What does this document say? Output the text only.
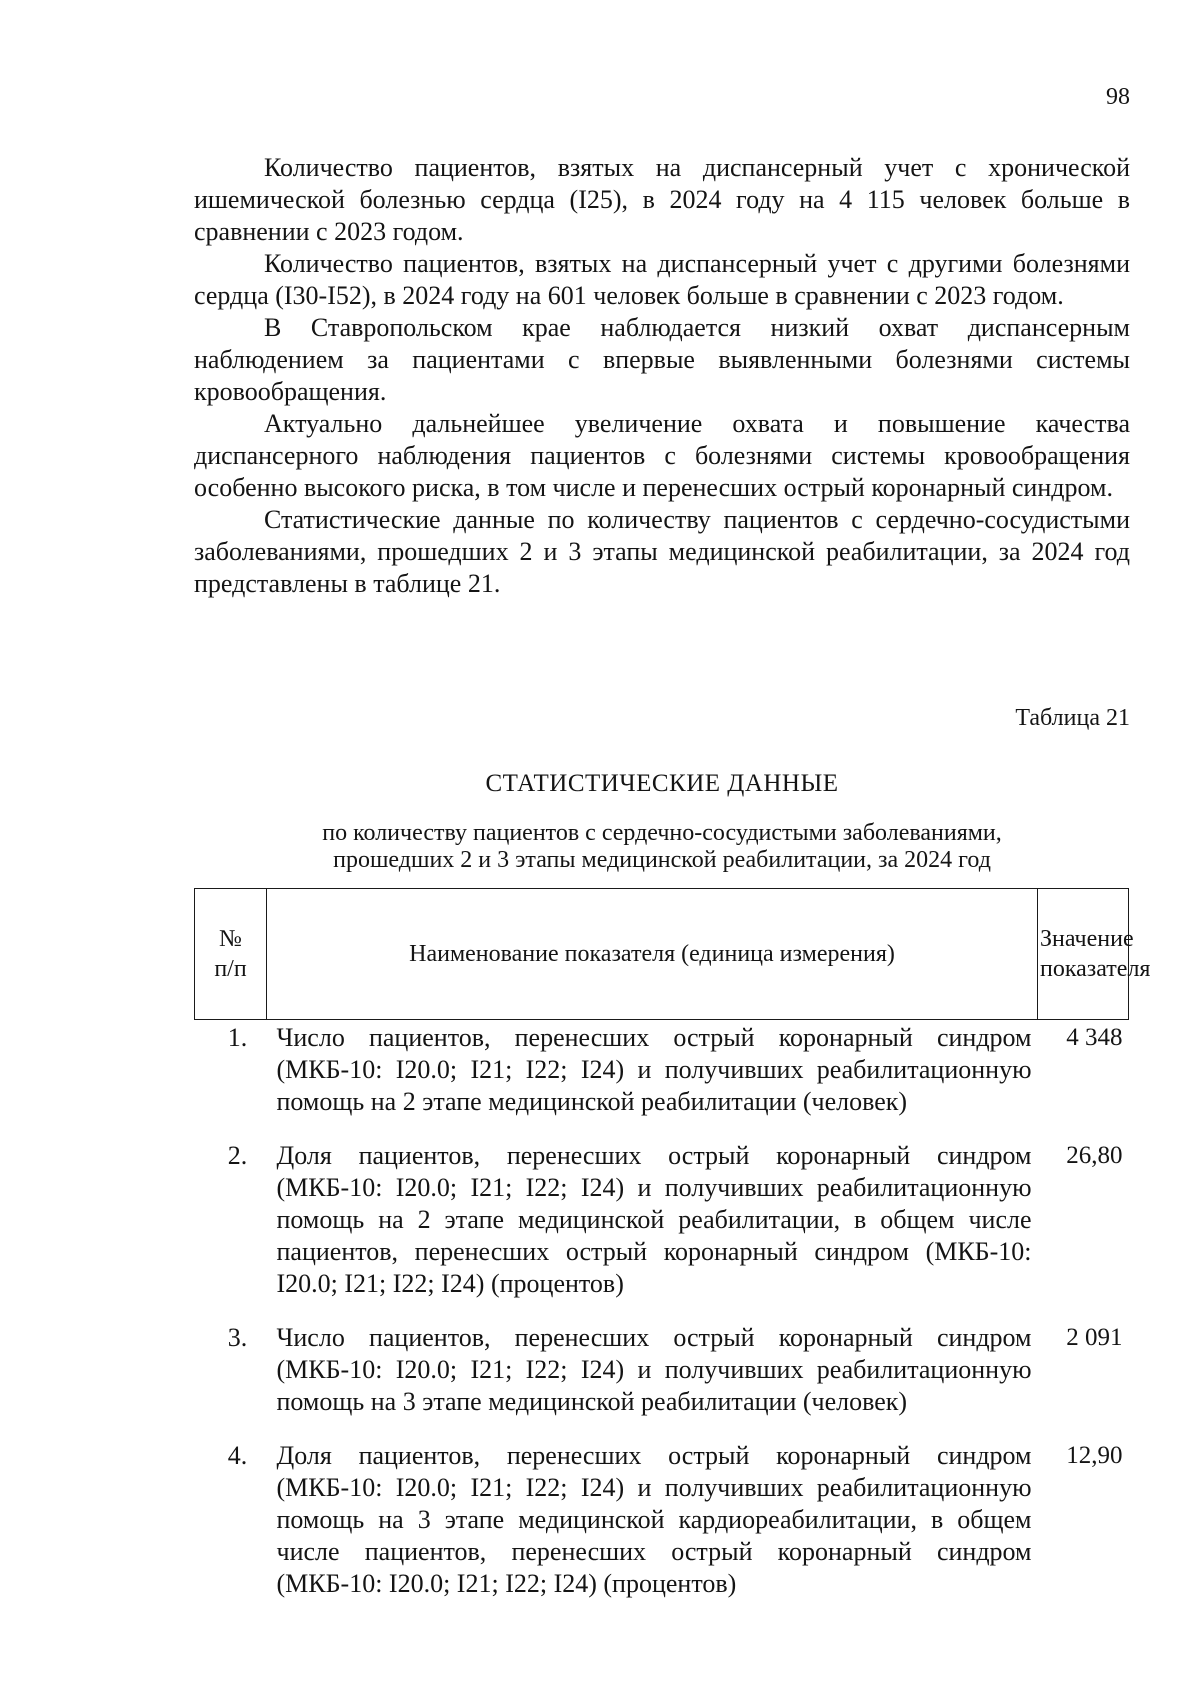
98

Количество пациентов, взятых на диспансерный учет с хронической ишемической болезнью сердца (I25), в 2024 году на 4 115 человек больше в сравнении с 2023 годом.

Количество пациентов, взятых на диспансерный учет с другими болезнями сердца (I30-I52), в 2024 году на 601 человек больше в сравнении с 2023 годом.

В Ставропольском крае наблюдается низкий охват диспансерным наблюдением за пациентами с впервые выявленными болезнями системы кровообращения.

Актуально дальнейшее увеличение охвата и повышение качества диспансерного наблюдения пациентов с болезнями системы кровообращения особенно высокого риска, в том числе и перенесших острый коронарный синдром.

Статистические данные по количеству пациентов с сердечно-сосудистыми заболеваниями, прошедших 2 и 3 этапы медицинской реабилитации, за 2024 год представлены в таблице 21.

Таблица 21
СТАТИСТИЧЕСКИЕ ДАННЫЕ
по количеству пациентов с сердечно-сосудистыми заболеваниями,
прошедших 2 и 3 этапы медицинской реабилитации, за 2024 год
№
п/п	Наименование показателя (единица измерения)	Значение показателя
1.	Число пациентов, перенесших острый коронарный синдром (МКБ-10: I20.0; I21; I22; I24) и получивших реабилитационную помощь на 2 этапе медицинской реабилитации (человек)	4 348
2.	Доля пациентов, перенесших острый коронарный синдром (МКБ-10: I20.0; I21; I22; I24) и получивших реабилитационную помощь на 2 этапе медицинской реабилитации, в общем числе пациентов, перенесших острый коронарный синдром (МКБ-10: I20.0; I21; I22; I24) (процентов)	26,80
3.	Число пациентов, перенесших острый коронарный синдром (МКБ-10: I20.0; I21; I22; I24) и получивших реабилитационную помощь на 3 этапе медицинской реабилитации (человек)	2 091
4.	Доля пациентов, перенесших острый коронарный синдром (МКБ-10: I20.0; I21; I22; I24) и получивших реабилитационную помощь на 3 этапе медицинской кардиореабилитации, в общем числе пациентов, перенесших острый коронарный синдром (МКБ-10: I20.0; I21; I22; I24) (процентов)	12,90
